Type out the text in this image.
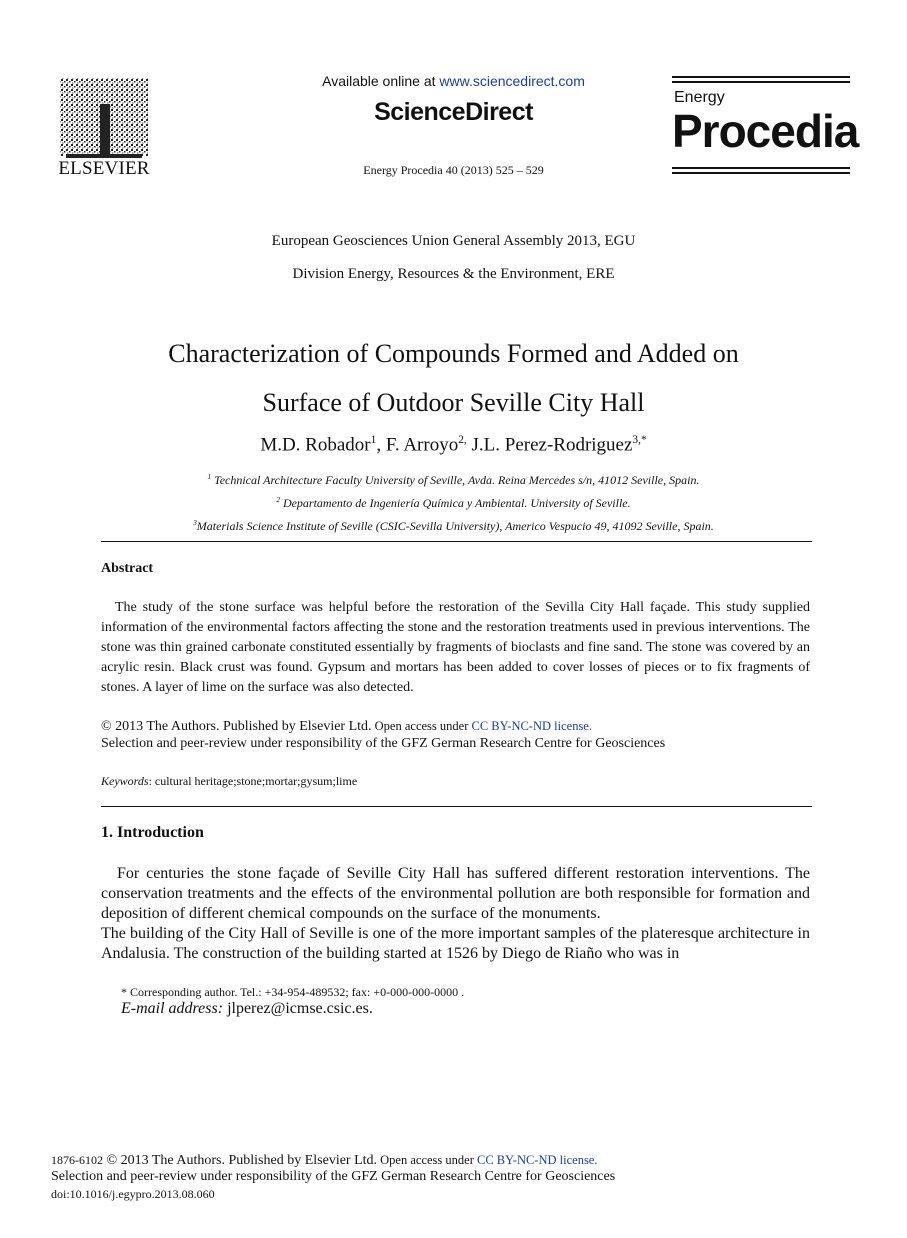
ELSEVIER
Available online at www.sciencedirect.com
ScienceDirect
Energy Procedia 40 (2013) 525 – 529
Energy
Procedia
European Geosciences Union General Assembly 2013, EGU
Division Energy, Resources & the Environment, ERE
Characterization of Compounds Formed and Added on
Surface of Outdoor Seville City Hall
M.D. Robador$^1$, F. Arroyo$^{2,}$ J.L. Perez-Rodriguez$^{3,*}$
$^1$ Technical Architecture Faculty University of Seville, Avda. Reina Mercedes s/n, 41012 Seville, Spain.
$^2$ Departamento de Ingeniería Química y Ambiental. University of Seville.
$^3$Materials Science Institute of Seville (CSIC-Sevilla University), Americo Vespucio 49, 41092 Seville, Spain.
Abstract
The study of the stone surface was helpful before the restoration of the Sevilla City Hall façade. This study supplied information of the environmental factors affecting the stone and the restoration treatments used in previous interventions. The stone was thin grained carbonate constituted essentially by fragments of bioclasts and fine sand. The stone was covered by an acrylic resin. Black crust was found. Gypsum and mortars has been added to cover losses of pieces or to fix fragments of stones. A layer of lime on the surface was also detected.
© 2013 The Authors. Published by Elsevier Ltd. Open access under CC BY-NC-ND license.
Selection and peer-review under responsibility of the GFZ German Research Centre for Geosciences
Keywords: cultural heritage;stone;mortar;gysum;lime
1. Introduction
For centuries the stone façade of Seville City Hall has suffered different restoration interventions. The conservation treatments and the effects of the environmental pollution are both responsible for formation and deposition of different chemical compounds on the surface of the monuments.
The building of the City Hall of Seville is one of the more important samples of the plateresque architecture in Andalusia. The construction of the building started at 1526 by Diego de Riaño who was in
* Corresponding author. Tel.: +34-954-489532; fax: +0-000-000-0000 .
E-mail address: jlperez@icmse.csic.es.
1876-6102 © 2013 The Authors. Published by Elsevier Ltd. Open access under CC BY-NC-ND license.
Selection and peer-review under responsibility of the GFZ German Research Centre for Geosciences
doi:10.1016/j.egypro.2013.08.060
